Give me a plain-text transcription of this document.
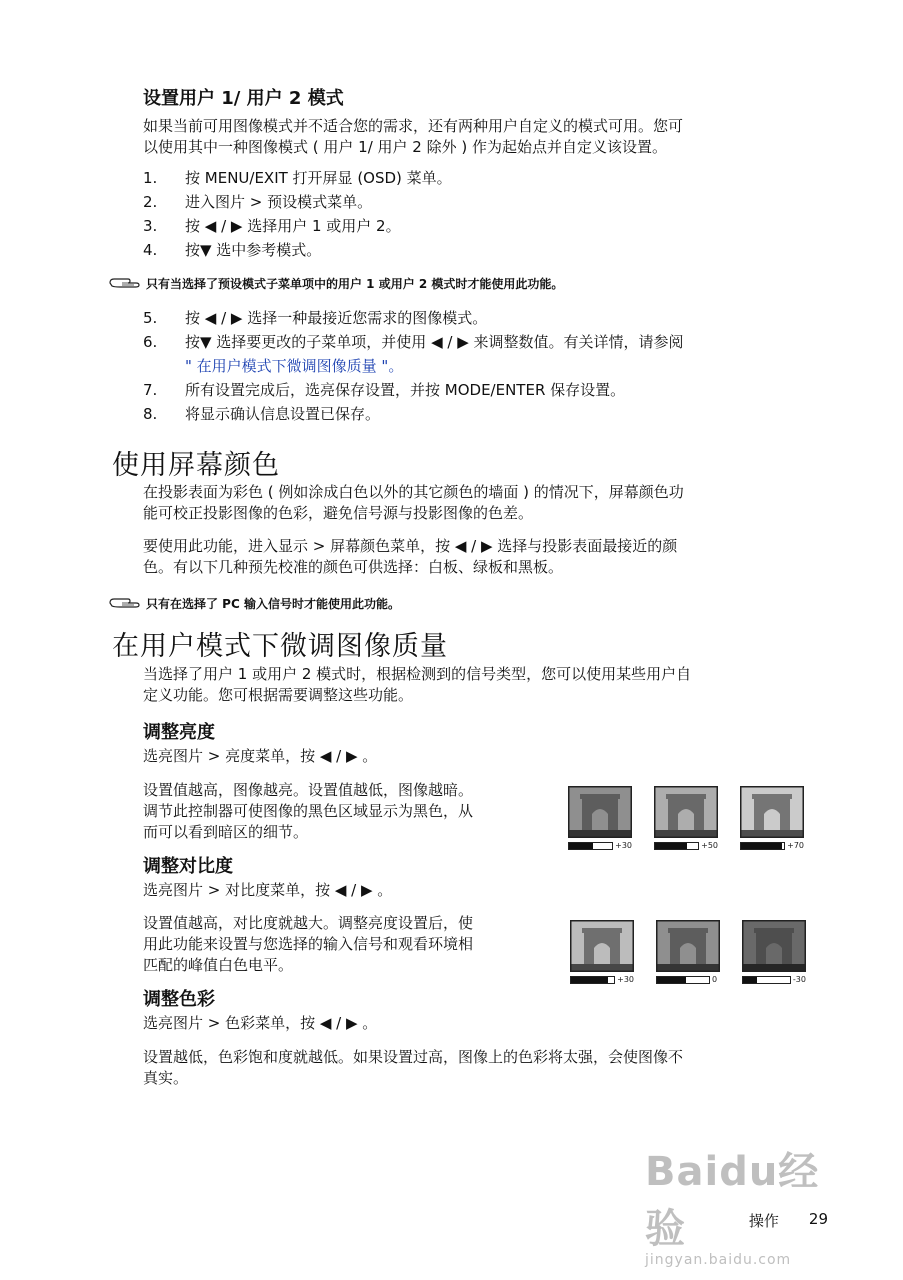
设置用户 1/ 用户 2 模式
如果当前可用图像模式并不适合您的需求，还有两种用户自定义的模式可用。您可
以使用其中一种图像模式 ( 用户 1/ 用户 2 除外 ) 作为起始点并自定义该设置。
1. 按 MENU/EXIT 打开屏显 (OSD) 菜单。
2. 进入图片 > 预设模式菜单。
3. 按 ◀ / ▶ 选择用户 1 或用户 2。
4. 按▼ 选中参考模式。
只有当选择了预设模式子菜单项中的用户 1 或用户 2 模式时才能使用此功能。
5. 按 ◀ / ▶ 选择一种最接近您需求的图像模式。
6. 按▼ 选择要更改的子菜单项，并使用 ◀ / ▶ 来调整数值。有关详情，请参阅
" 在用户模式下微调图像质量 "。
7. 所有设置完成后，选亮保存设置，并按 MODE/ENTER 保存设置。
8. 将显示确认信息设置已保存。
使用屏幕颜色
在投影表面为彩色 ( 例如涂成白色以外的其它颜色的墙面 ) 的情况下，屏幕颜色功
能可校正投影图像的色彩，避免信号源与投影图像的色差。
要使用此功能，进入显示 > 屏幕颜色菜单，按 ◀ / ▶ 选择与投影表面最接近的颜
色。有以下几种预先校准的颜色可供选择：白板、绿板和黑板。
只有在选择了 PC 输入信号时才能使用此功能。
在用户模式下微调图像质量
当选择了用户 1 或用户 2 模式时，根据检测到的信号类型，您可以使用某些用户自
定义功能。您可根据需要调整这些功能。
调整亮度
选亮图片 > 亮度菜单，按 ◀ / ▶ 。
设置值越高，图像越亮。设置值越低，图像越暗。
调节此控制器可使图像的黑色区域显示为黑色，从
而可以看到暗区的细节。
+30	+50	+70
调整对比度
选亮图片 > 对比度菜单，按 ◀ / ▶ 。
设置值越高，对比度就越大。调整亮度设置后，使
用此功能来设置与您选择的输入信号和观看环境相
匹配的峰值白色电平。
+30	0	-30
调整色彩
选亮图片 > 色彩菜单，按 ◀ / ▶ 。
设置越低，色彩饱和度就越低。如果设置过高，图像上的色彩将太强，会使图像不
真实。
Baidu经验
jingyan.baidu.com
操作 29
